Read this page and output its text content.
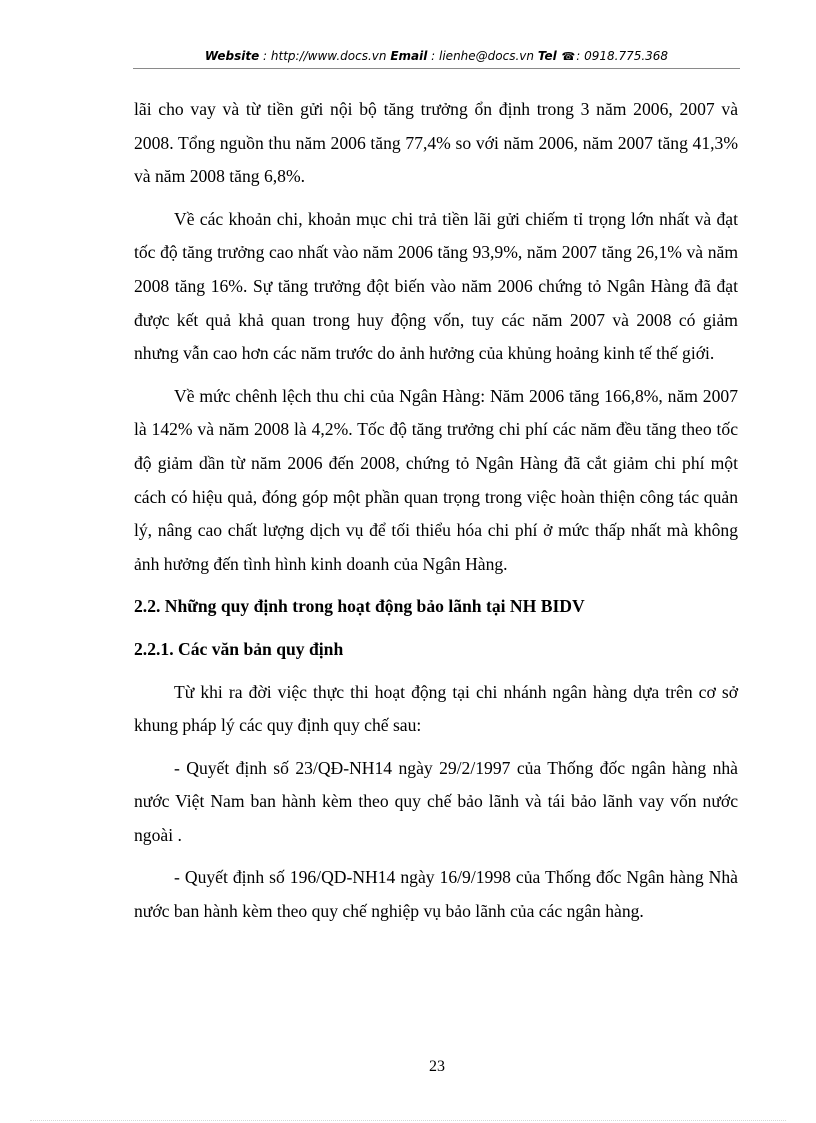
Website : http://www.docs.vn Email : lienhe@docs.vn Tel ☎: 0918.775.368

lãi cho vay và từ tiền gửi nội bộ tăng trưởng ổn định trong 3 năm 2006, 2007 và 2008. Tổng nguồn thu năm 2006 tăng 77,4% so với năm 2006, năm 2007 tăng 41,3% và năm 2008 tăng 6,8%.

Về các khoản chi, khoản mục chi trả tiền lãi gửi chiếm tỉ trọng lớn nhất và đạt tốc độ tăng trưởng cao nhất vào năm 2006 tăng 93,9%, năm 2007 tăng 26,1% và năm 2008 tăng 16%. Sự tăng trưởng đột biến vào năm 2006 chứng tỏ Ngân Hàng đã đạt được kết quả khả quan trong huy động vốn, tuy các năm 2007 và 2008 có giảm nhưng vẫn cao hơn các năm trước do ảnh hưởng của khủng hoảng kinh tế thế giới.

Về mức chênh lệch thu chi của Ngân Hàng: Năm 2006 tăng 166,8%, năm 2007 là 142% và năm 2008 là 4,2%. Tốc độ tăng trưởng chi phí các năm đều tăng theo tốc độ giảm dần từ năm 2006 đến 2008, chứng tỏ Ngân Hàng đã cắt giảm chi phí một cách có hiệu quả, đóng góp một phần quan trọng trong việc hoàn thiện công tác quản lý, nâng cao chất lượng dịch vụ để tối thiểu hóa chi phí ở mức thấp nhất mà không ảnh hưởng đến tình hình kinh doanh của Ngân Hàng.

2.2. Những quy định trong hoạt động bảo lãnh tại NH BIDV
2.2.1. Các văn bản quy định

Từ khi ra đời việc thực thi hoạt động tại chi nhánh ngân hàng dựa trên cơ sở khung pháp lý các quy định quy chế sau:

- Quyết định số 23/QĐ-NH14 ngày 29/2/1997 của Thống đốc ngân hàng nhà nước Việt Nam ban hành kèm theo quy chế bảo lãnh và tái bảo lãnh vay vốn nước ngoài .

- Quyết định số 196/QD-NH14 ngày 16/9/1998 của Thống đốc Ngân hàng Nhà nước ban hành kèm theo quy chế nghiệp vụ bảo lãnh của các ngân hàng.

23
